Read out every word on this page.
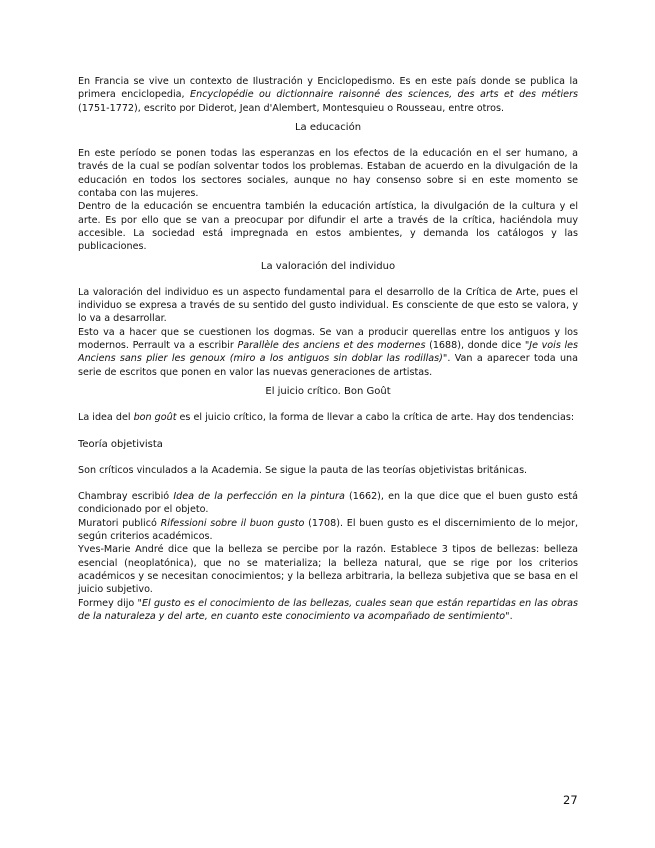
En Francia se vive un contexto de Ilustración y Enciclopedismo. Es en este país donde se publica la primera enciclopedia, Encyclopédie ou dictionnaire raisonné des sciences, des arts et des métiers (1751-1772), escrito por Diderot, Jean d'Alembert, Montesquieu o Rousseau, entre otros.

La educación

En este período se ponen todas las esperanzas en los efectos de la educación en el ser humano, a través de la cual se podían solventar todos los problemas. Estaban de acuerdo en la divulgación de la educación en todos los sectores sociales, aunque no hay consenso sobre si en este momento se contaba con las mujeres.

Dentro de la educación se encuentra también la educación artística, la divulgación de la cultura y el arte. Es por ello que se van a preocupar por difundir el arte a través de la crítica, haciéndola muy accesible. La sociedad está impregnada en estos ambientes, y demanda los catálogos y las publicaciones.

La valoración del individuo

La valoración del individuo es un aspecto fundamental para el desarrollo de la Crítica de Arte, pues el individuo se expresa a través de su sentido del gusto individual. Es consciente de que esto se valora, y lo va a desarrollar.

Esto va a hacer que se cuestionen los dogmas. Se van a producir querellas entre los antiguos y los modernos. Perrault va a escribir Parallèle des anciens et des modernes (1688), donde dice "Je vois les Anciens sans plier les genoux (miro a los antiguos sin doblar las rodillas)". Van a aparecer toda una serie de escritos que ponen en valor las nuevas generaciones de artistas.

El juicio crítico. Bon Goût

La idea del bon goût es el juicio crítico, la forma de llevar a cabo la crítica de arte. Hay dos tendencias:

Teoría objetivista

Son críticos vinculados a la Academia. Se sigue la pauta de las teorías objetivistas británicas.

Chambray escribió Idea de la perfección en la pintura (1662), en la que dice que el buen gusto está condicionado por el objeto.

Muratori publicó Rifessioni sobre il buon gusto (1708). El buen gusto es el discernimiento de lo mejor, según criterios académicos.

Yves-Marie André dice que la belleza se percibe por la razón. Establece 3 tipos de bellezas: belleza esencial (neoplatónica), que no se materializa; la belleza natural, que se rige por los criterios académicos y se necesitan conocimientos; y la belleza arbitraria, la belleza subjetiva que se basa en el juicio subjetivo.

Formey dijo "El gusto es el conocimiento de las bellezas, cuales sean que están repartidas en las obras de la naturaleza y del arte, en cuanto este conocimiento va acompañado de sentimiento".

27
